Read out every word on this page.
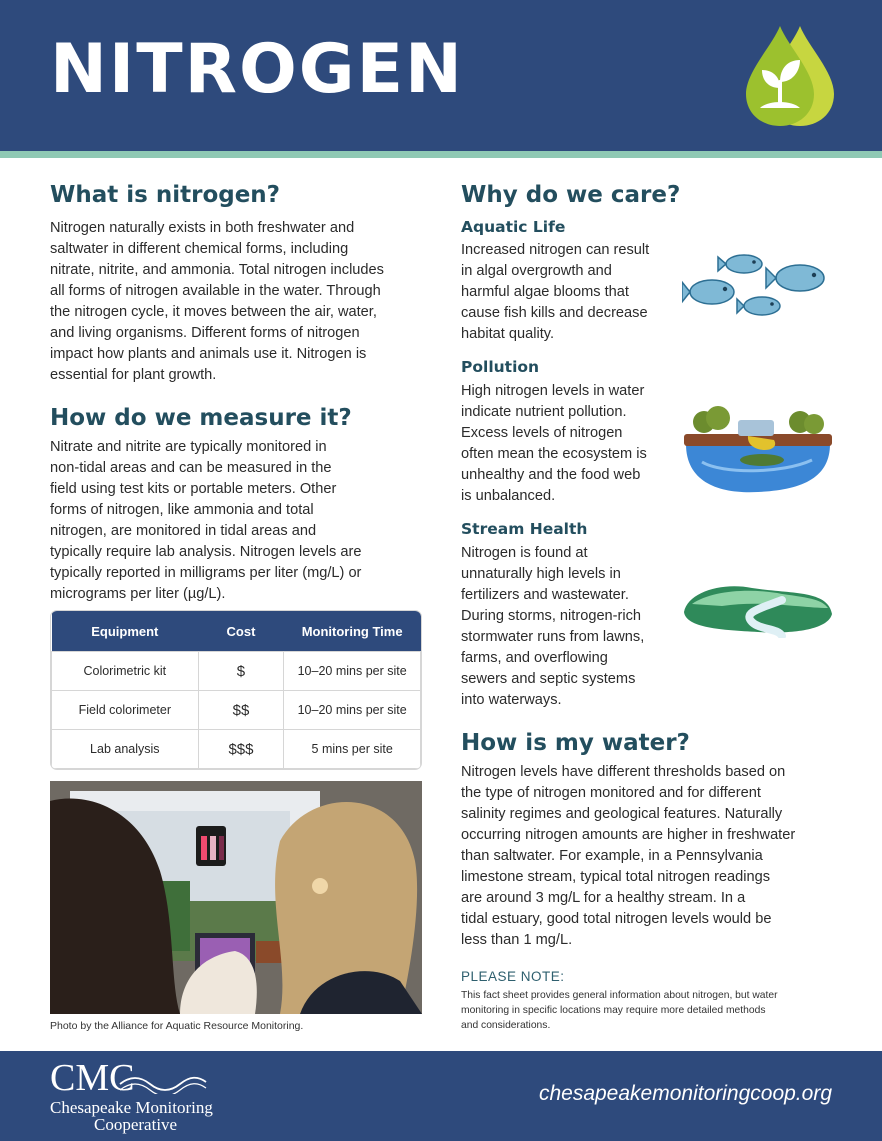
NITROGEN
What is nitrogen?
Nitrogen naturally exists in both freshwater and
saltwater in different chemical forms, including
nitrate, nitrite, and ammonia. Total nitrogen includes
all forms of nitrogen available in the water. Through
the nitrogen cycle, it moves between the air, water,
and living organisms. Different forms of nitrogen
impact how plants and animals use it. Nitrogen is
essential for plant growth.
How do we measure it?
Nitrate and nitrite are typically monitored in
non-tidal areas and can be measured in the
field using test kits or portable meters. Other
forms of nitrogen, like ammonia and total
nitrogen, are monitored in tidal areas and
typically require lab analysis. Nitrogen levels are
typically reported in milligrams per liter (mg/L) or
micrograms per liter (µg/L).
Equipment	Cost	Monitoring Time
Colorimetric kit	$	10–20 mins per site
Field colorimeter	$$	10–20 mins per site
Lab analysis	$$$	5 mins per site
Photo by the Alliance for Aquatic Resource Monitoring.
Why do we care?
Aquatic Life
Increased nitrogen can result
in algal overgrowth and
harmful algae blooms that
cause fish kills and decrease
habitat quality.
Pollution
High nitrogen levels in water
indicate nutrient pollution.
Excess levels of nitrogen
often mean the ecosystem is
unhealthy and the food web
is unbalanced.
Stream Health
Nitrogen is found at
unnaturally high levels in
fertilizers and wastewater.
During storms, nitrogen-rich
stormwater runs from lawns,
farms, and overflowing
sewers and septic systems
into waterways.
How is my water?
Nitrogen levels have different thresholds based on
the type of nitrogen monitored and for different
salinity regimes and geological features. Naturally
occurring nitrogen amounts are higher in freshwater
than saltwater. For example, in a Pennsylvania
limestone stream, typical total nitrogen readings
are around 3 mg/L for a healthy stream. In a
tidal estuary, good total nitrogen levels would be
less than 1 mg/L.
PLEASE NOTE:
This fact sheet provides general information about nitrogen, but water
monitoring in specific locations may require more detailed methods
and considerations.
CMC
Chesapeake Monitoring
Cooperative
chesapeakemonitoringcoop.org
